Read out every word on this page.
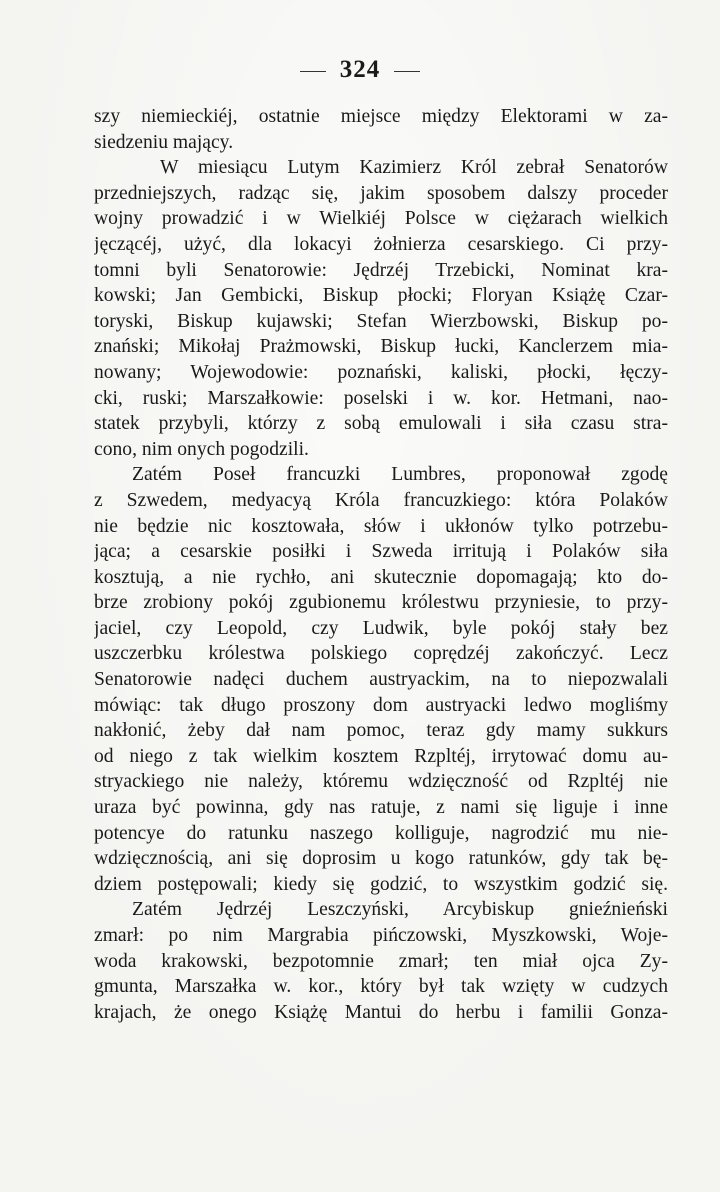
324
szy niemieckiéj, ostatnie miejsce między Elektorami w za-
siedzeniu mający.
W miesiącu Lutym Kazimierz Król zebrał Senatorów
przedniejszych, radząc się, jakim sposobem dalszy proceder
wojny prowadzić i w Wielkiéj Polsce w ciężarach wielkich
jęczącéj, użyć, dla lokacyi żołnierza cesarskiego. Ci przy-
tomni byli Senatorowie: Jędrzéj Trzebicki, Nominat kra-
kowski; Jan Gembicki, Biskup płocki; Floryan Książę Czar-
toryski, Biskup kujawski; Stefan Wierzbowski, Biskup po-
znański; Mikołaj Prażmowski, Biskup łucki, Kanclerzem mia-
nowany; Wojewodowie: poznański, kaliski, płocki, łęczy-
cki, ruski; Marszałkowie: poselski i w. kor. Hetmani, nao-
statek przybyli, którzy z sobą emulowali i siła czasu stra-
cono, nim onych pogodzili.
Zatém Poseł francuzki Lumbres, proponował zgodę
z Szwedem, medyacyą Króla francuzkiego: która Polaków
nie będzie nic kosztowała, słów i ukłonów tylko potrzebu-
jąca; a cesarskie posiłki i Szweda irritują i Polaków siła
kosztują, a nie rychło, ani skutecznie dopomagają; kto do-
brze zrobiony pokój zgubionemu królestwu przyniesie, to przy-
jaciel, czy Leopold, czy Ludwik, byle pokój stały bez
uszczerbku królestwa polskiego coprędzéj zakończyć. Lecz
Senatorowie nadęci duchem austryackim, na to niepozwalali
mówiąc: tak długo proszony dom austryacki ledwo mogliśmy
nakłonić, żeby dał nam pomoc, teraz gdy mamy sukkurs
od niego z tak wielkim kosztem Rzpltéj, irrytować domu au-
stryackiego nie należy, któremu wdzięczność od Rzpltéj nie
uraza być powinna, gdy nas ratuje, z nami się liguje i inne
potencye do ratunku naszego kolliguje, nagrodzić mu nie-
wdzięcznością, ani się doprosim u kogo ratunków, gdy tak bę-
dziem postępowali; kiedy się godzić, to wszystkim godzić się.
Zatém Jędrzéj Leszczyński, Arcybiskup gnieźnieński
zmarł: po nim Margrabia pińczowski, Myszkowski, Woje-
woda krakowski, bezpotomnie zmarł; ten miał ojca Zy-
gmunta, Marszałka w. kor., który był tak wzięty w cudzych
krajach, że onego Książę Mantui do herbu i familii Gonza-
